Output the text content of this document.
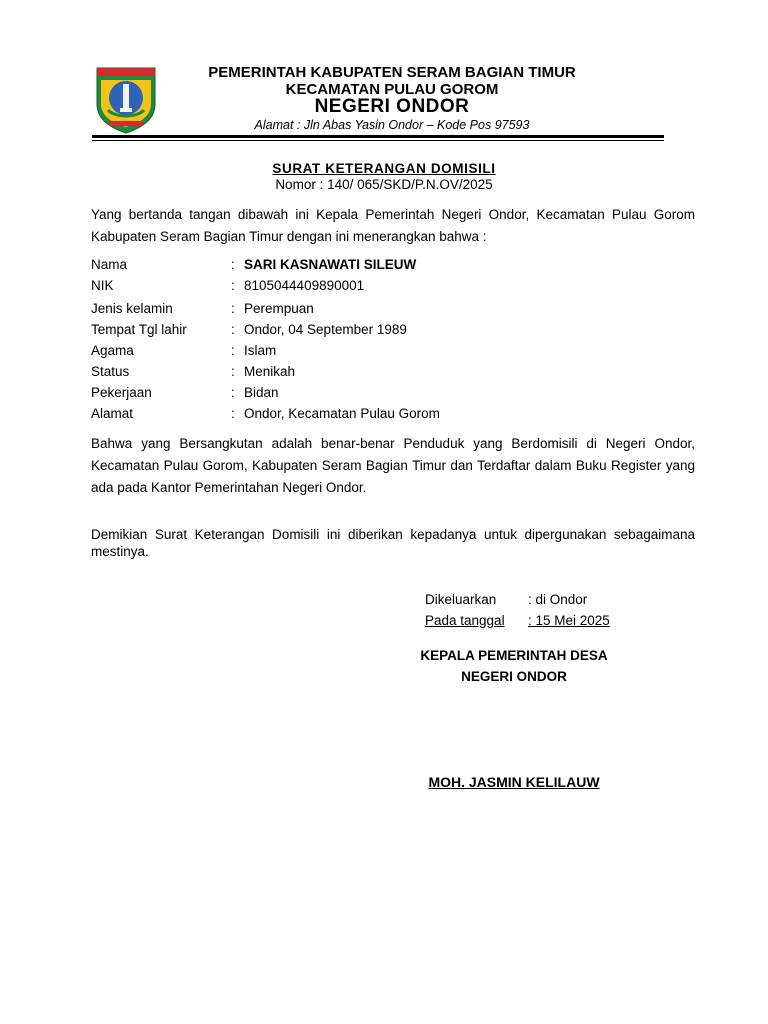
PEMERINTAH KABUPATEN SERAM BAGIAN TIMUR
KECAMATAN PULAU GOROM
NEGERI ONDOR
Alamat : Jln Abas Yasin Ondor – Kode Pos 97593
SURAT KETERANGAN DOMISILI
Nomor : 140/ 065/SKD/P.N.OV/2025
Yang bertanda tangan dibawah ini Kepala Pemerintah Negeri Ondor, Kecamatan Pulau Gorom Kabupaten Seram Bagian Timur dengan ini menerangkan bahwa :
Nama	: SARI KASNAWATI SILEUW
NIK	: 8105044409890001
Jenis kelamin	: Perempuan
Tempat Tgl lahir	: Ondor, 04 September 1989
Agama	: Islam
Status	: Menikah
Pekerjaan	: Bidan
Alamat	: Ondor, Kecamatan Pulau Gorom
Bahwa yang Bersangkutan adalah benar-benar Penduduk yang Berdomisili di Negeri Ondor, Kecamatan Pulau Gorom, Kabupaten Seram Bagian Timur dan Terdaftar dalam Buku Register yang ada pada Kantor Pemerintahan Negeri Ondor.
Demikian Surat Keterangan Domisili ini diberikan kepadanya untuk dipergunakan sebagaimana mestinya.
Dikeluarkan : di Ondor
Pada tanggal : 15 Mei 2025
KEPALA PEMERINTAH DESA
NEGERI ONDOR
MOH. JASMIN KELILAUW
